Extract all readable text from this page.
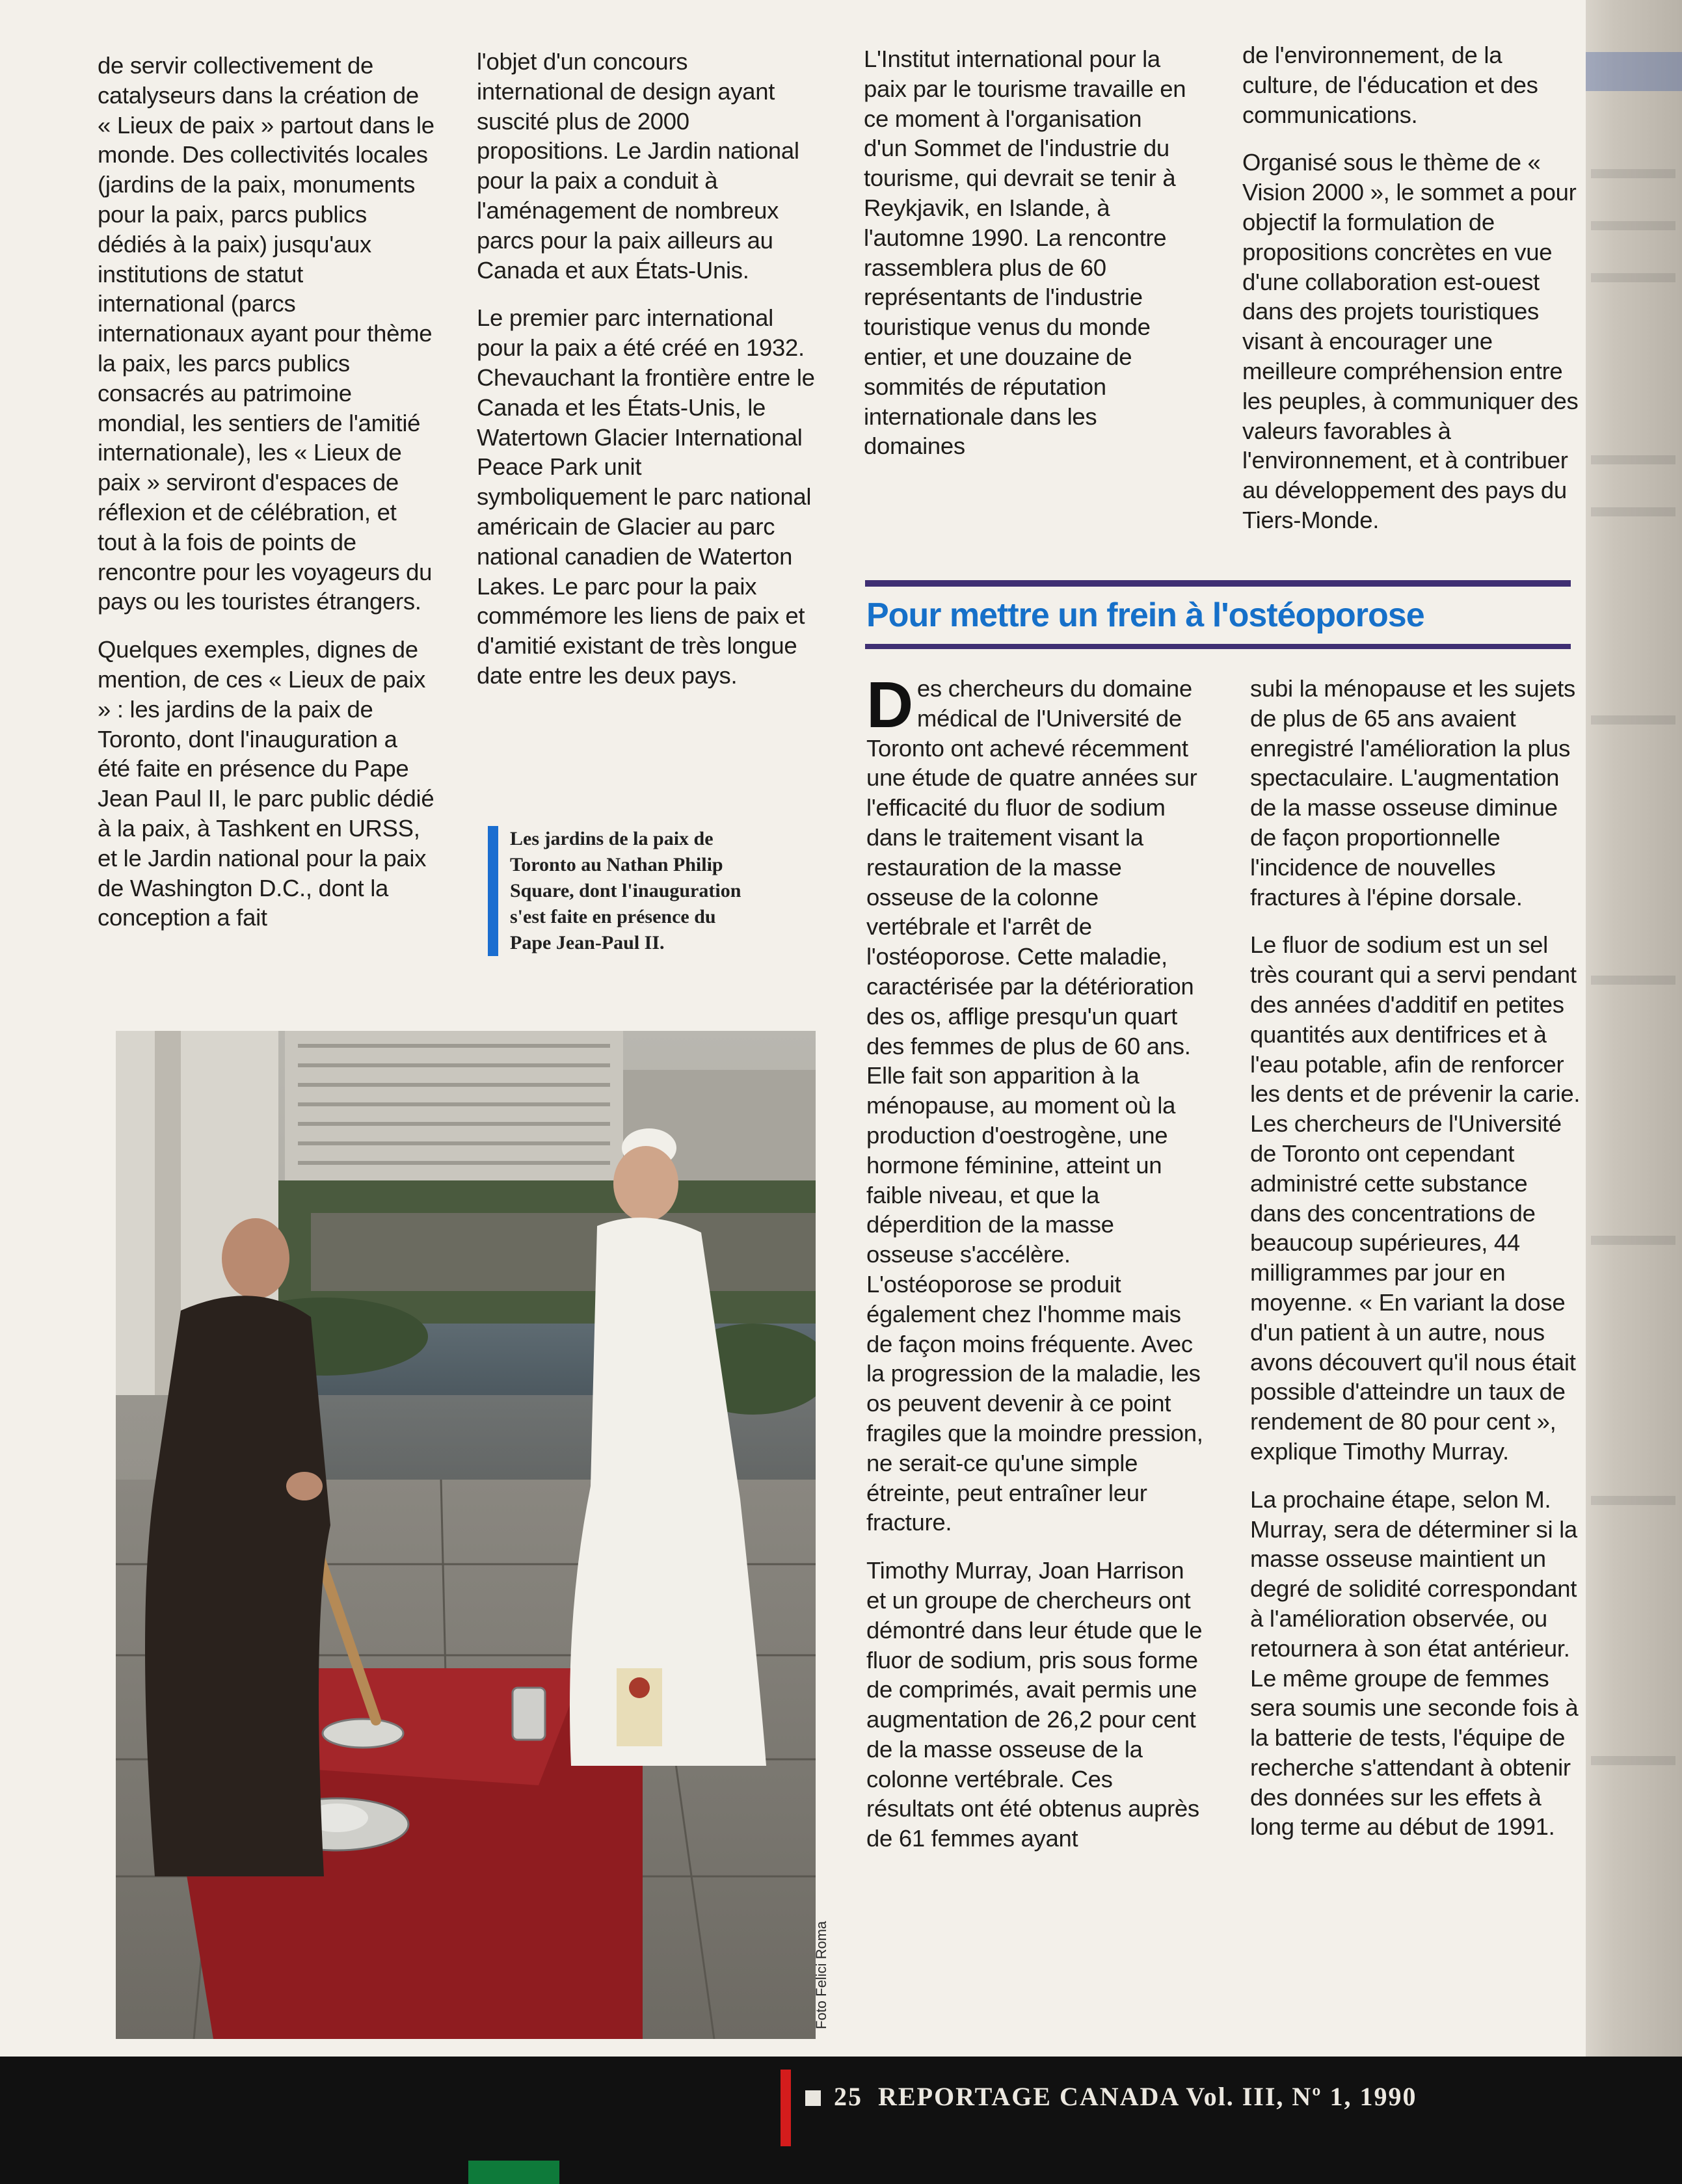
de servir collectivement de catalyseurs dans la création de « Lieux de paix » partout dans le monde. Des collectivités locales (jardins de la paix, monuments pour la paix, parcs publics dédiés à la paix) jusqu'aux institutions de statut international (parcs internationaux ayant pour thème la paix, les parcs publics consacrés au patrimoine mondial, les sentiers de l'amitié internationale), les « Lieux de paix » serviront d'espaces de réflexion et de célébration, et tout à la fois de points de rencontre pour les voyageurs du pays ou les touristes étrangers.

Quelques exemples, dignes de mention, de ces « Lieux de paix » : les jardins de la paix de Toronto, dont l'inauguration a été faite en présence du Pape Jean Paul II, le parc public dédié à la paix, à Tashkent en URSS, et le Jardin national pour la paix de Washington D.C., dont la conception a fait

l'objet d'un concours international de design ayant suscité plus de 2000 propositions. Le Jardin national pour la paix a conduit à l'aménagement de nombreux parcs pour la paix ailleurs au Canada et aux États-Unis.

Le premier parc international pour la paix a été créé en 1932. Chevauchant la frontière entre le Canada et les États-Unis, le Watertown Glacier International Peace Park unit symboliquement le parc national américain de Glacier au parc national canadien de Waterton Lakes. Le parc pour la paix commémore les liens de paix et d'amitié existant de très longue date entre les deux pays.

L'Institut international pour la paix par le tourisme travaille en ce moment à l'organisation d'un Sommet de l'industrie du tourisme, qui devrait se tenir à Reykjavik, en Islande, à l'automne 1990. La rencontre rassemblera plus de 60 représentants de l'industrie touristique venus du monde entier, et une douzaine de sommités de réputation internationale dans les domaines

de l'environnement, de la culture, de l'éducation et des communications.

Organisé sous le thème de « Vision 2000 », le sommet a pour objectif la formulation de propositions concrètes en vue d'une collaboration est-ouest dans des projets touristiques visant à encourager une meilleure compréhension entre les peuples, à communiquer des valeurs favorables à l'environnement, et à contribuer au développement des pays du Tiers-Monde.

Les jardins de la paix de Toronto au Nathan Philip Square, dont l'inauguration s'est faite en présence du Pape Jean-Paul II.
Foto Felici Roma
Pour mettre un frein à l'ostéoporose

Des chercheurs du domaine médical de l'Université de Toronto ont achevé récemment une étude de quatre années sur l'efficacité du fluor de sodium dans le traitement visant la restauration de la masse osseuse de la colonne vertébrale et l'arrêt de l'ostéoporose. Cette maladie, caractérisée par la détérioration des os, afflige presqu'un quart des femmes de plus de 60 ans. Elle fait son apparition à la ménopause, au moment où la production d'oestrogène, une hormone féminine, atteint un faible niveau, et que la déperdition de la masse osseuse s'accélère. L'ostéoporose se produit également chez l'homme mais de façon moins fréquente. Avec la progression de la maladie, les os peuvent devenir à ce point fragiles que la moindre pression, ne serait-ce qu'une simple étreinte, peut entraîner leur fracture.

Timothy Murray, Joan Harrison et un groupe de chercheurs ont démontré dans leur étude que le fluor de sodium, pris sous forme de comprimés, avait permis une augmentation de 26,2 pour cent de la masse osseuse de la colonne vertébrale. Ces résultats ont été obtenus auprès de 61 femmes ayant

subi la ménopause et les sujets de plus de 65 ans avaient enregistré l'amélioration la plus spectaculaire. L'augmentation de la masse osseuse diminue de façon proportionnelle l'incidence de nouvelles fractures à l'épine dorsale.

Le fluor de sodium est un sel très courant qui a servi pendant des années d'additif en petites quantités aux dentifrices et à l'eau potable, afin de renforcer les dents et de prévenir la carie. Les chercheurs de l'Université de Toronto ont cependant administré cette substance dans des concentrations de beaucoup supérieures, 44 milligrammes par jour en moyenne. « En variant la dose d'un patient à un autre, nous avons découvert qu'il nous était possible d'atteindre un taux de rendement de 80 pour cent », explique Timothy Murray.

La prochaine étape, selon M. Murray, sera de déterminer si la masse osseuse maintient un degré de solidité correspondant à l'amélioration observée, ou retournera à son état antérieur. Le même groupe de femmes sera soumis une seconde fois à la batterie de tests, l'équipe de recherche s'attendant à obtenir des données sur les effets à long terme au début de 1991.

25 REPORTAGE CANADA Vol. III, Nº 1, 1990
